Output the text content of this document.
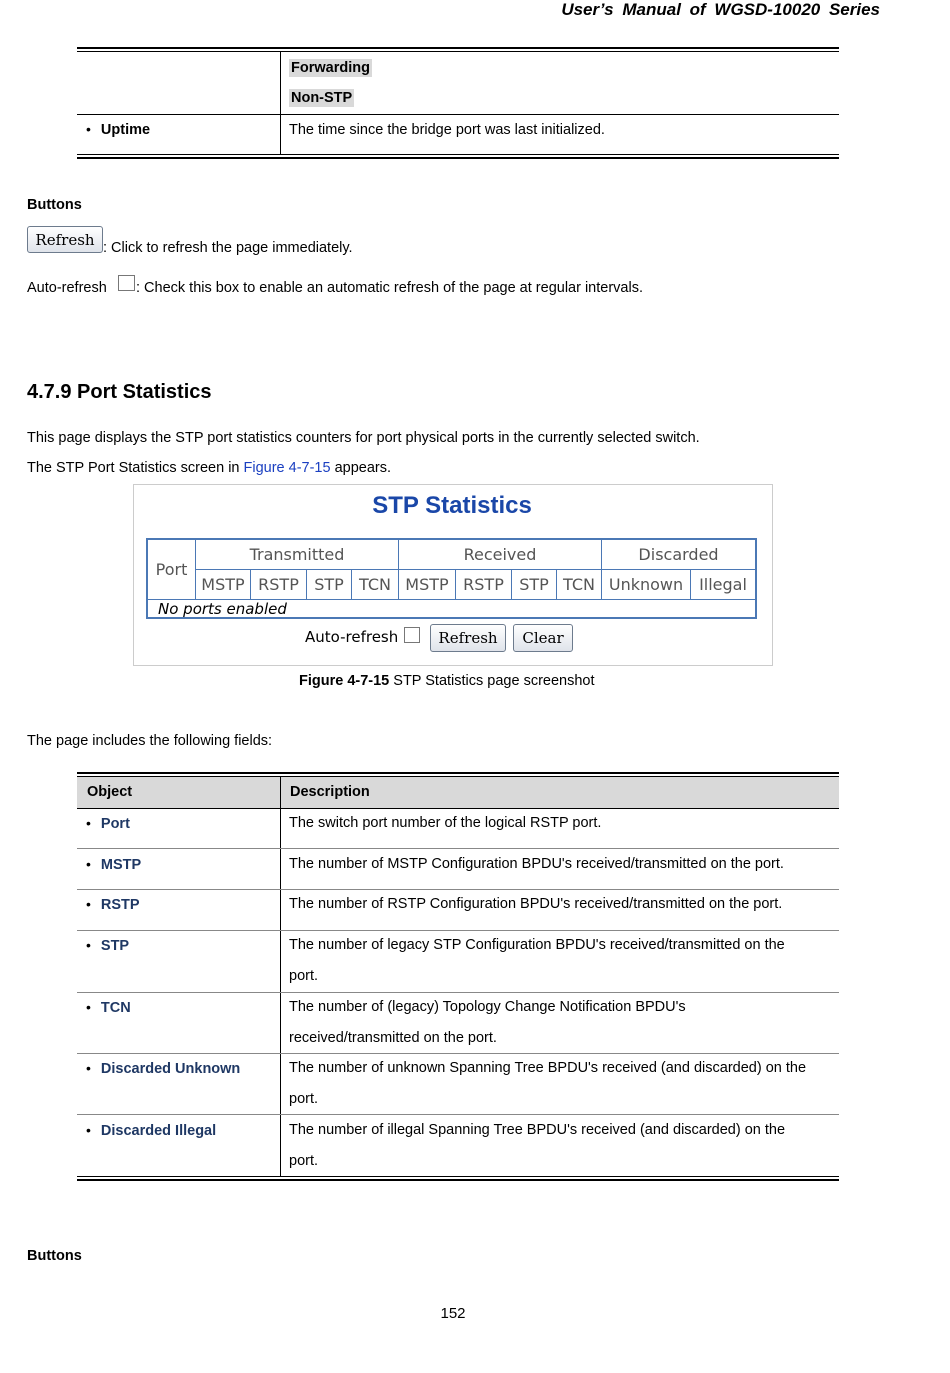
User’s Manual of WGSD-10020 Series
Forwarding
Non-STP
• Uptime	The time since the bridge port was last initialized.
Buttons
Refresh : Click to refresh the page immediately.
Auto-refresh : Check this box to enable an automatic refresh of the page at regular intervals.
4.7.9 Port Statistics
This page displays the STP port statistics counters for port physical ports in the currently selected switch.
The STP Port Statistics screen in Figure 4-7-15 appears.
STP Statistics
Port
Transmitted	Received	Discarded
MSTP RSTP STP TCN MSTP RSTP STP TCN Unknown Illegal
No ports enabled
Auto-refresh	Refresh	Clear
Figure 4-7-15 STP Statistics page screenshot
The page includes the following fields:
Object	Description
• Port	The switch port number of the logical RSTP port.
• MSTP	The number of MSTP Configuration BPDU's received/transmitted on the port.
• RSTP	The number of RSTP Configuration BPDU's received/transmitted on the port.
• STP	The number of legacy STP Configuration BPDU's received/transmitted on the
port.
• TCN	The number of (legacy) Topology Change Notification BPDU's
received/transmitted on the port.
• Discarded Unknown	The number of unknown Spanning Tree BPDU's received (and discarded) on the
port.
• Discarded Illegal	The number of illegal Spanning Tree BPDU's received (and discarded) on the
port.
Buttons
152
